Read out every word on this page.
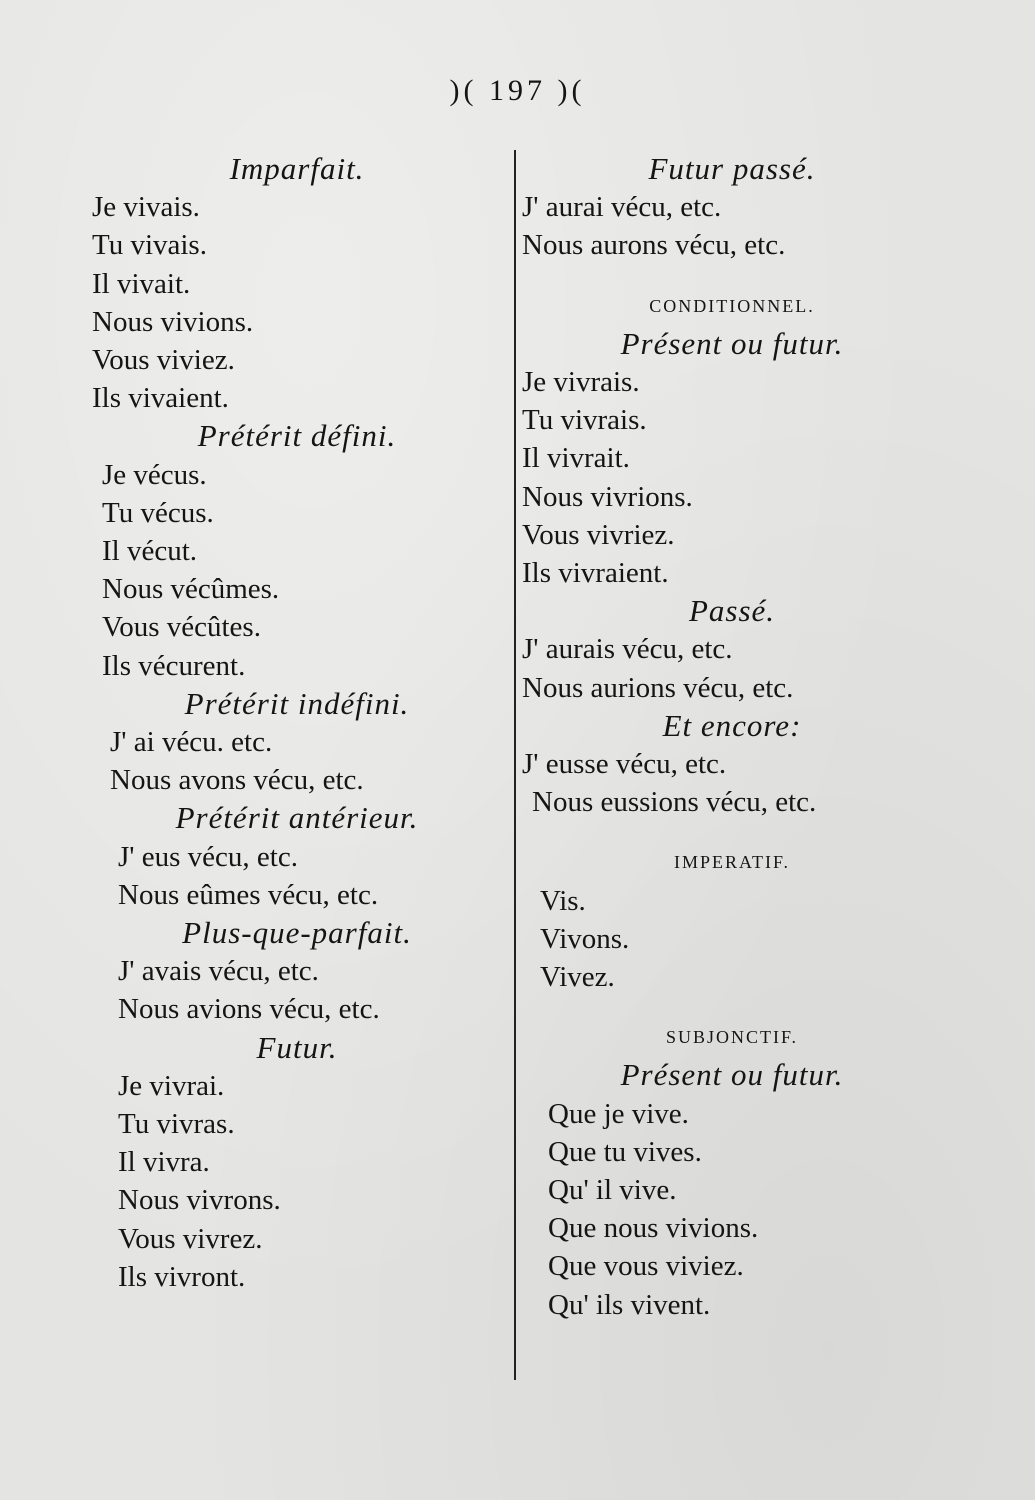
)( 197 )(
Imparfait.
Je vivais.
Tu vivais.
Il vivait.
Nous vivions.
Vous viviez.
Ils vivaient.
Prétérit défini.
Je vécus.
Tu vécus.
Il vécut.
Nous vécûmes.
Vous vécûtes.
Ils vécurent.
Prétérit indéfini.
J' ai vécu. etc.
Nous avons vécu, etc.
Prétérit antérieur.
J' eus vécu, etc.
Nous eûmes vécu, etc.
Plus-que-parfait.
J' avais vécu, etc.
Nous avions vécu, etc.
Futur.
Je vivrai.
Tu vivras.
Il vivra.
Nous vivrons.
Vous vivrez.
Ils vivront.
Futur passé.
J' aurai vécu, etc.
Nous aurons vécu, etc.
CONDITIONNEL.
Présent ou futur.
Je vivrais.
Tu vivrais.
Il vivrait.
Nous vivrions.
Vous vivriez.
Ils vivraient.
Passé.
J' aurais vécu, etc.
Nous aurions vécu, etc.
Et encore:
J' eusse vécu, etc.
Nous eussions vécu, etc.
IMPERATIF.
Vis.
Vivons.
Vivez.
SUBJONCTIF.
Présent ou futur.
Que je vive.
Que tu vives.
Qu' il vive.
Que nous vivions.
Que vous viviez.
Qu' ils vivent.
